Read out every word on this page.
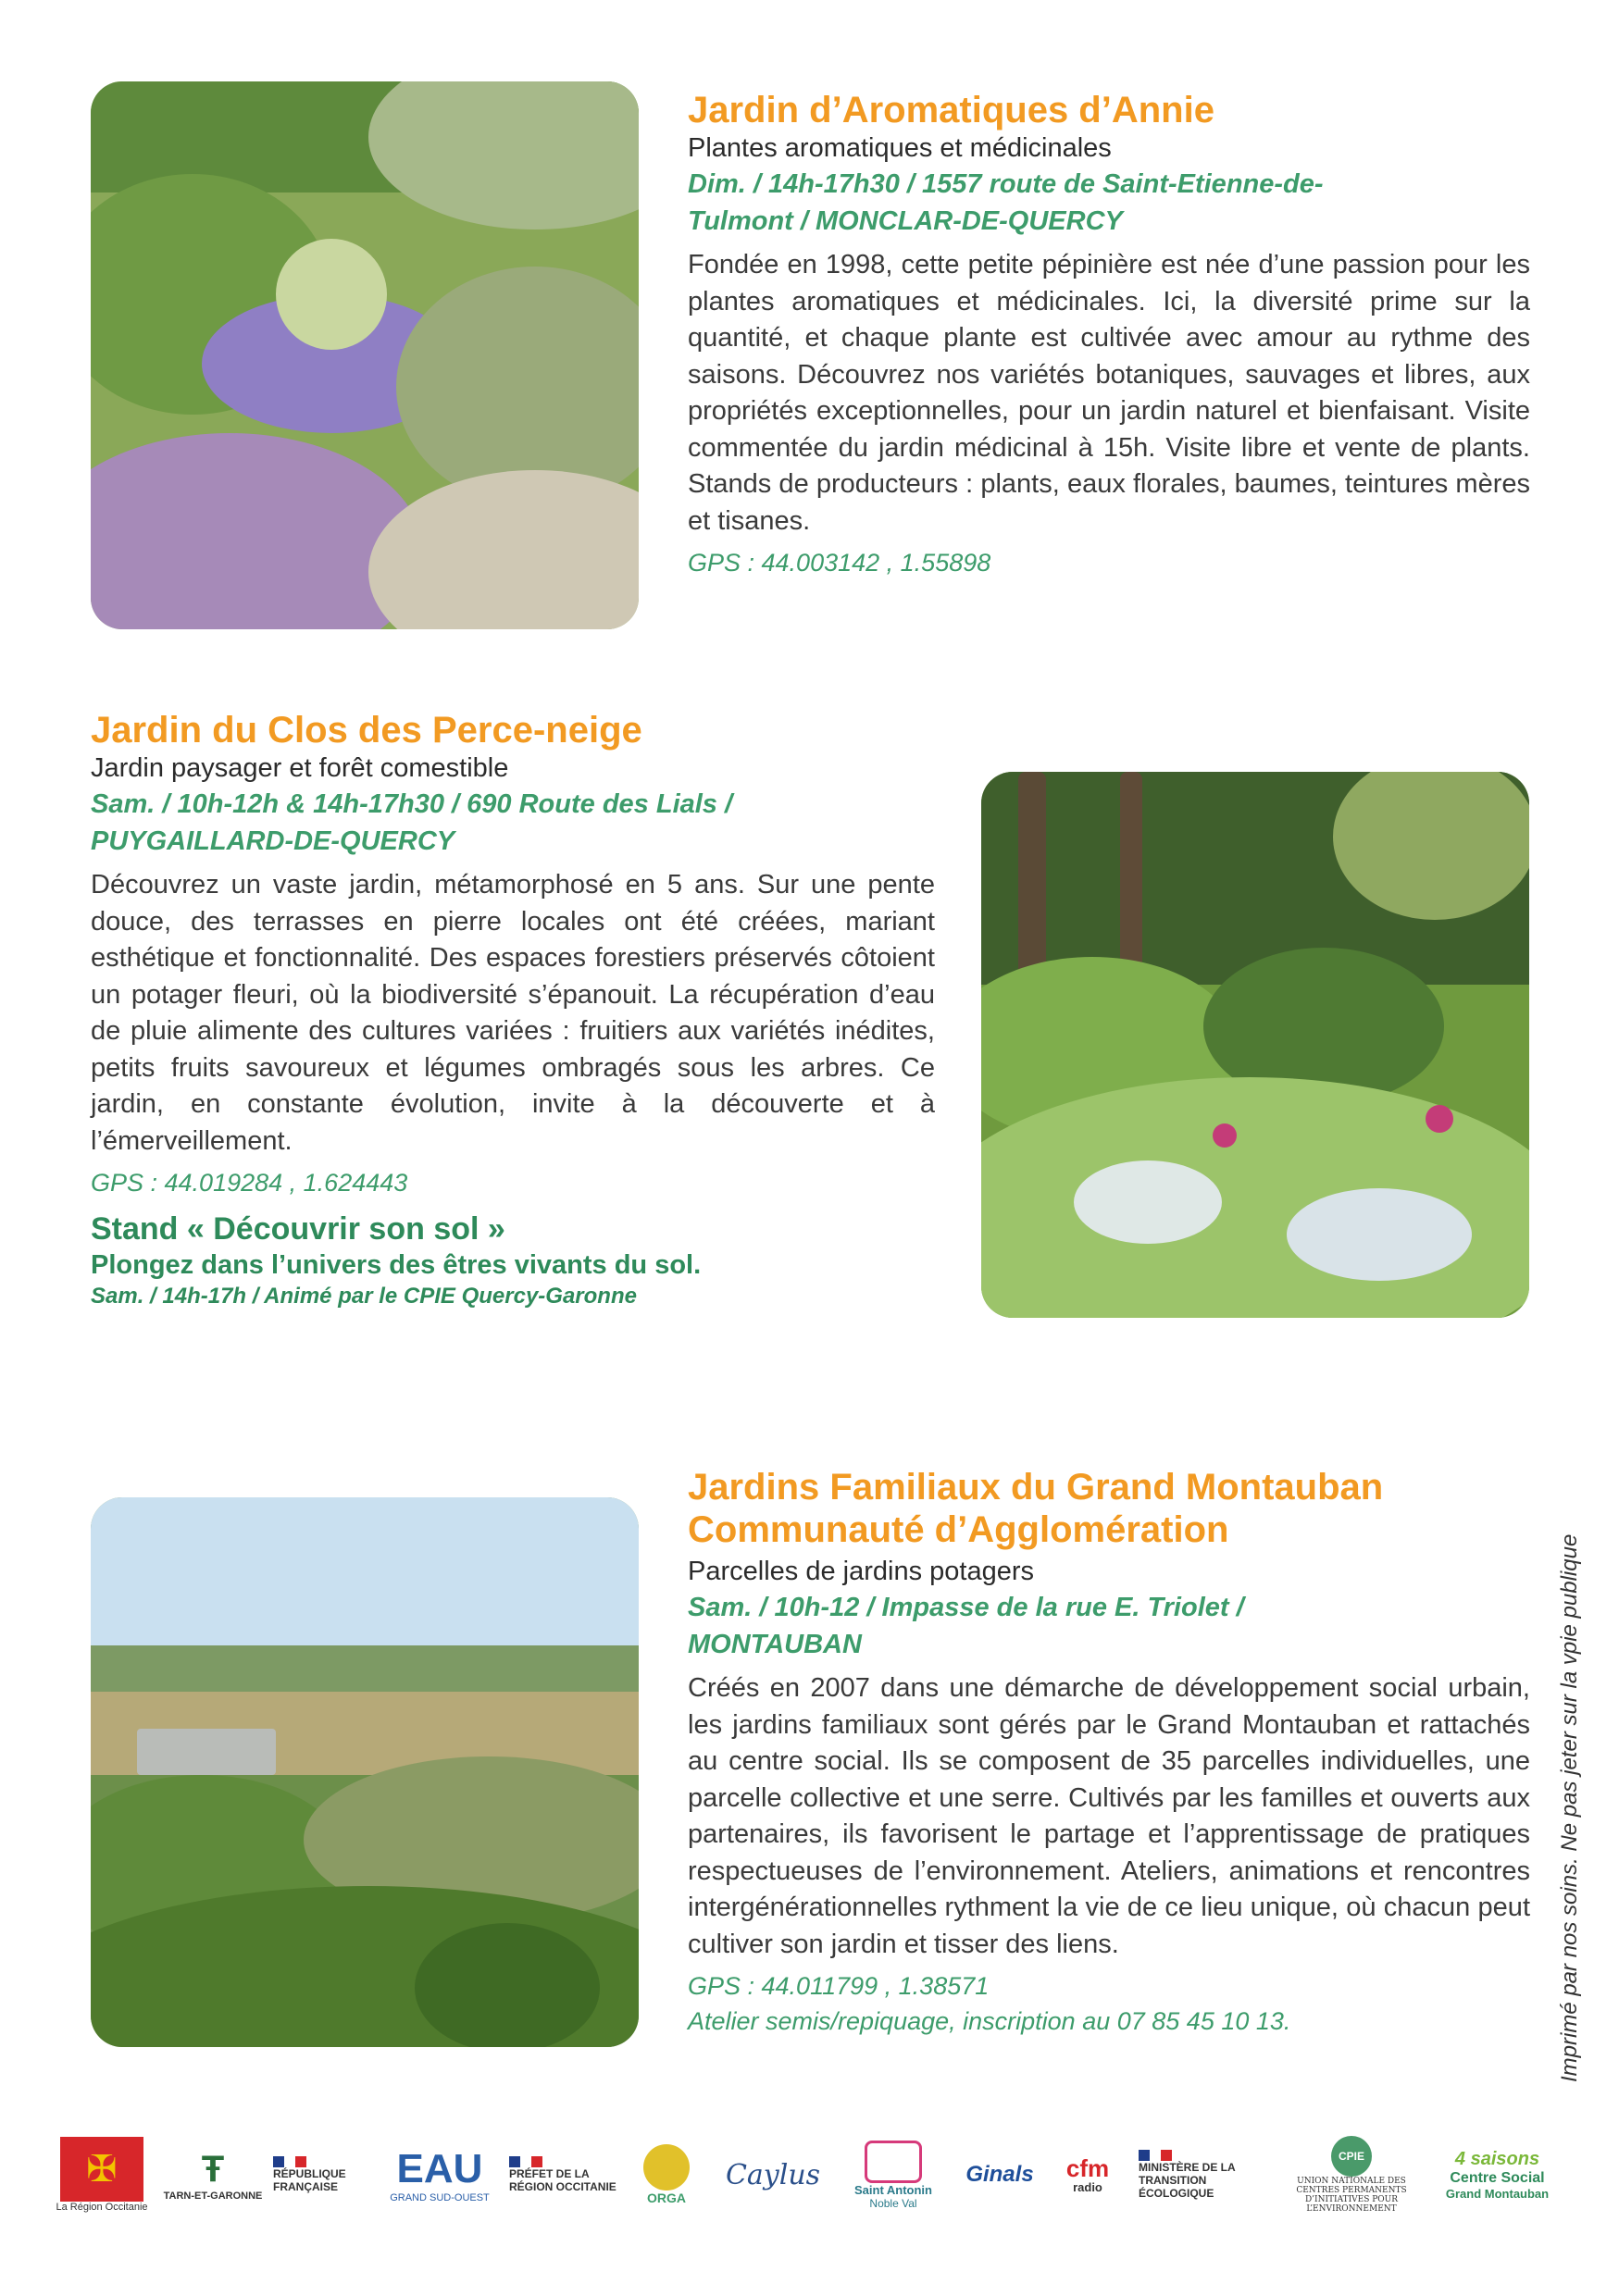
Jardin d’Aromatiques d’Annie

Plantes aromatiques et médicinales

Dim. / 14h-17h30 / 1557 route de Saint-Etienne-de-

Tulmont / MONCLAR-DE-QUERCY

Fondée en 1998, cette petite pépinière est née d’une passion pour les plantes aromatiques et médicinales. Ici, la diversité prime sur la quantité, et chaque plante est cultivée avec amour au rythme des saisons. Découvrez nos variétés botaniques, sauvages et libres, aux propriétés exceptionnelles, pour un jardin naturel et bienfaisant. Visite commentée du jardin médicinal à 15h. Visite libre et vente de plants. Stands de producteurs : plants, eaux florales, baumes, teintures mères et tisanes.

GPS : 44.003142 , 1.55898

Jardin du Clos des Perce-neige

Jardin paysager et forêt comestible

Sam. / 10h-12h & 14h-17h30 / 690 Route des Lials /

PUYGAILLARD-DE-QUERCY

Découvrez un vaste jardin, métamorphosé en 5 ans. Sur une pente douce, des terrasses en pierre locales ont été créées, mariant esthétique et fonctionnalité. Des espaces forestiers préservés côtoient un potager fleuri, où la biodiversité s’épanouit. La récupération d’eau de pluie alimente des cultures variées : fruitiers aux variétés inédites, petits fruits savoureux et légumes ombragés sous les arbres. Ce jardin, en constante évolution, invite à la découverte et à l’émerveillement.

GPS : 44.019284 , 1.624443

Stand « Découvrir son sol »

Plongez dans l’univers des êtres vivants du sol.

Sam. / 14h-17h / Animé par le CPIE Quercy-Garonne

Jardins Familiaux du Grand Montauban

Communauté d’Agglomération

Parcelles de jardins potagers

Sam. / 10h-12 / Impasse de la rue E. Triolet /

MONTAUBAN

Créés en 2007 dans une démarche de développement social urbain, les jardins familiaux sont gérés par le Grand Montauban et rattachés au centre social. Ils se composent de 35 parcelles individuelles, une parcelle collective et une serre. Cultivés par les familles et ouverts aux partenaires, ils favorisent le partage et l’apprentissage de pratiques respectueuses de l’environnement. Ateliers, animations et rencontres intergénérationnelles rythment la vie de ce lieu unique, où chacun peut cultiver son jardin et tisser des liens.

GPS : 44.011799 , 1.38571

Atelier semis/repiquage, inscription au 07 85 45 10 13.	Imprimé par nos soins. Ne pas jeter sur la vpie publique
✠
La Région Occitanie
Ŧ
TARN-ET-GARONNE
RÉPUBLIQUE FRANÇAISE	EAU
GRAND SUD-OUEST
PRÉFET DE LA RÉGION OCCITANIE
ORGA
Caylus	Saint Antonin
Noble Val
Ginals cfm
radio
MINISTÈRE DE LA TRANSITION ÉCOLOGIQUE
CPIE
UNION NATIONALE DES CENTRES PERMANENTS D’INITIATIVES POUR L’ENVIRONNEMENT
4 saisons
Centre Social
Grand Montauban
